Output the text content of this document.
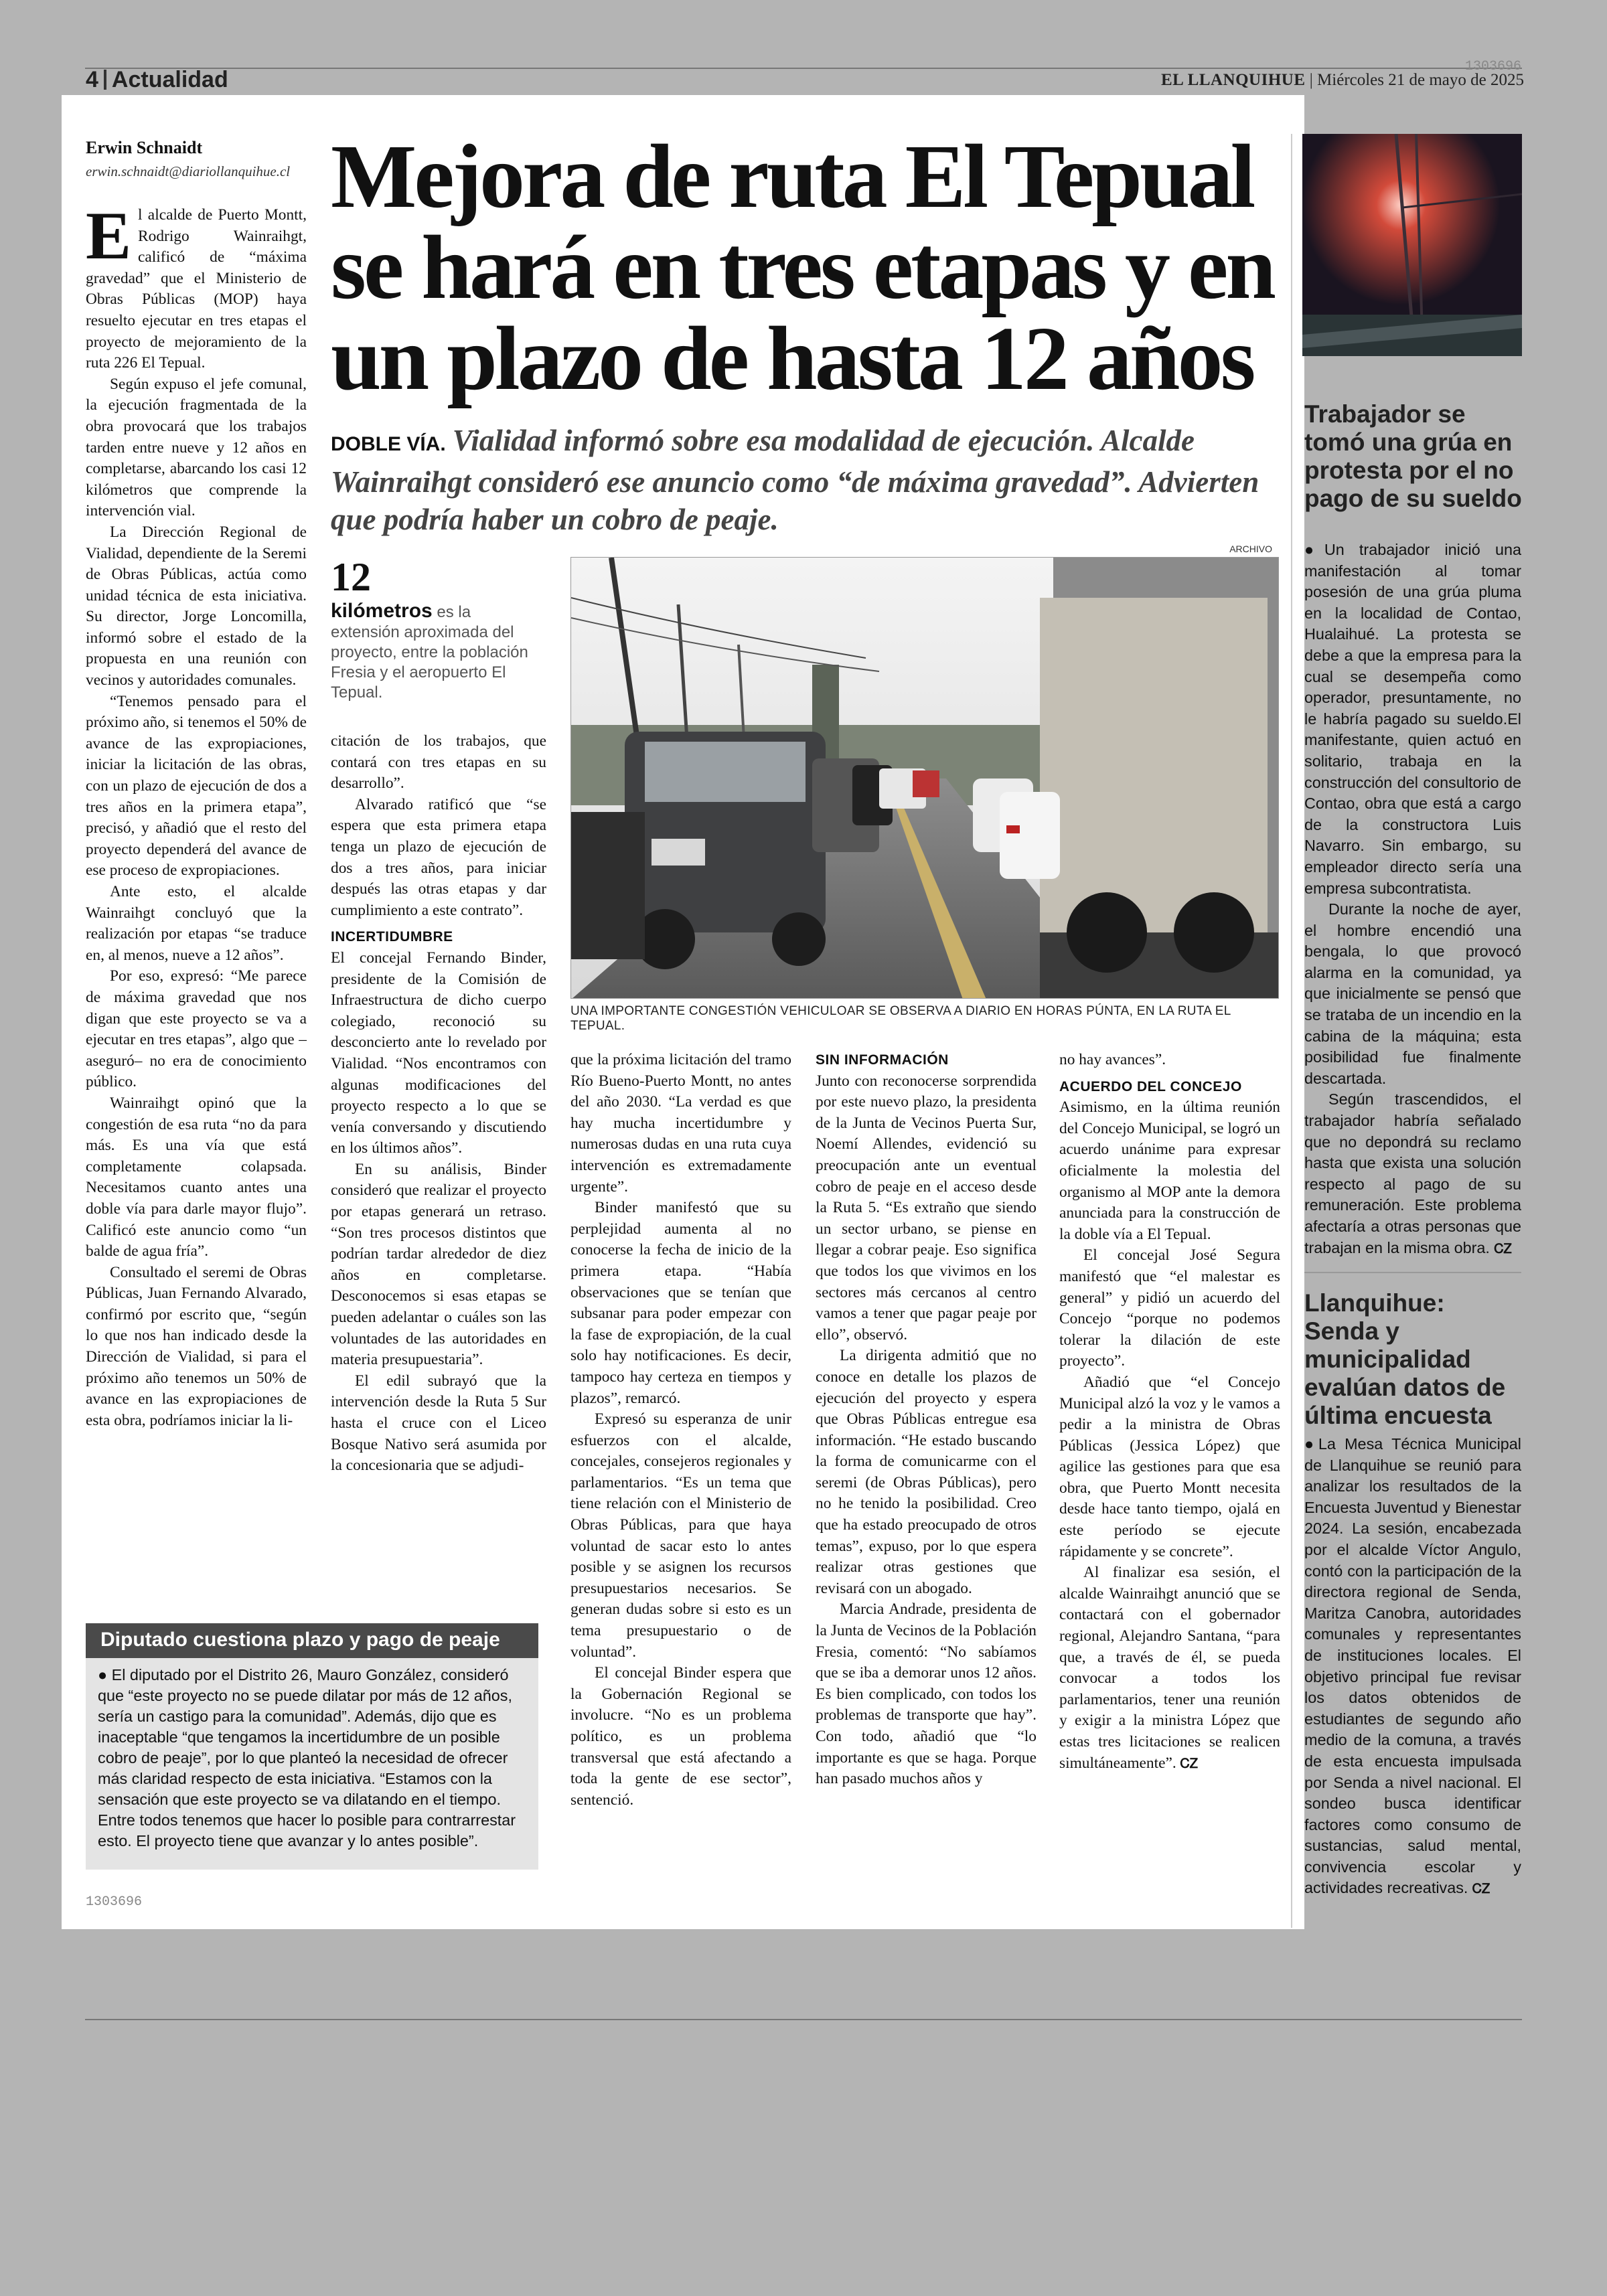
1303696
4 Actualidad	EL LLANQUIHUE | Miércoles 21 de mayo de 2025
Erwin Schnaidt
erwin.schnaidt@diariollanquihue.cl Mejora de ruta El Tepual se hará en tres etapas y en un plazo de hasta 12 años
DOBLE VÍA. Vialidad informó sobre esa modalidad de ejecución. Alcalde Wainraihgt consideró ese anuncio como “de máxima gravedad”. Advierten que podría haber un cobro de peaje.
E l alcalde de Puerto Montt, Rodrigo Wainraihgt, calificó de “máxima gravedad” que el Ministerio de Obras Públicas (MOP) haya resuelto ejecutar en tres etapas el proyecto de mejoramiento de la ruta 226 El Tepual.

Según expuso el jefe comunal, la ejecución fragmentada de la obra provocará que los trabajos tarden entre nueve y 12 años en completarse, abarcando los casi 12 kilómetros que comprende la intervención vial.

La Dirección Regional de Vialidad, dependiente de la Seremi de Obras Públicas, actúa como unidad técnica de esta iniciativa. Su director, Jorge Loncomilla, informó sobre el estado de la propuesta en una reunión con vecinos y autoridades comunales.

“Tenemos pensado para el próximo año, si tenemos el 50% de avance de las expropiaciones, iniciar la licitación de las obras, con un plazo de ejecución de dos a tres años en la primera etapa”, precisó, y añadió que el resto del proyecto dependerá del avance de ese proceso de expropiaciones.

Ante esto, el alcalde Wainraihgt concluyó que la realización por etapas “se traduce en, al menos, nueve a 12 años”.

Por eso, expresó: “Me parece de máxima gravedad que nos digan que este proyecto se va a ejecutar en tres etapas”, algo que –aseguró– no era de conocimiento público.

Wainraihgt opinó que la congestión de esa ruta “no da para más. Es una vía que está completamente colapsada. Necesitamos cuanto antes una doble vía para darle mayor flujo”. Calificó este anuncio como “un balde de agua fría”.

Consultado el seremi de Obras Públicas, Juan Fernando Alvarado, confirmó por escrito que, “según lo que nos han indicado desde la Dirección de Vialidad, si para el próximo año tenemos un 50% de avance en las expropiaciones de esta obra, podríamos iniciar la li-

12
kilómetros es la extensión aproximada del proyecto, entre la población Fresia y el aeropuerto El Tepual.
ARCHIVO
UNA IMPORTANTE CONGESTIÓN VEHICULOAR SE OBSERVA A DIARIO EN HORAS PÚNTA, EN LA RUTA EL TEPUAL.

citación de los trabajos, que contará con tres etapas en su desarrollo”.

Alvarado ratificó que “se espera que esta primera etapa tenga un plazo de ejecución de dos a tres años, para iniciar después las otras etapas y dar cumplimiento a este contrato”.

INCERTIDUMBRE

El concejal Fernando Binder, presidente de la Comisión de Infraestructura de dicho cuerpo colegiado, reconoció su desconcierto ante lo revelado por Vialidad. “Nos encontramos con algunas modificaciones del proyecto respecto a lo que se venía conversando y discutiendo en los últimos años”.

En su análisis, Binder consideró que realizar el proyecto por etapas generará un retraso. “Son tres procesos distintos que podrían tardar alrededor de diez años en completarse. Desconocemos si esas etapas se pueden adelantar o cuáles son las voluntades de las autoridades en materia presupuestaria”.

El edil subrayó que la intervención desde la Ruta 5 Sur hasta el cruce con el Liceo Bosque Nativo será asumida por la concesionaria que se adjudi-

que la próxima licitación del tramo Río Bueno-Puerto Montt, no antes del año 2030. “La verdad es que hay mucha incertidumbre y numerosas dudas en una ruta cuya intervención es extremadamente urgente”.

Binder manifestó que su perplejidad aumenta al no conocerse la fecha de inicio de la primera etapa. “Había observaciones que se tenían que subsanar para poder empezar con la fase de expropiación, de la cual solo hay notificaciones. Es decir, tampoco hay certeza en tiempos y plazos”, remarcó.

Expresó su esperanza de unir esfuerzos con el alcalde, concejales, consejeros regionales y parlamentarios. “Es un tema que tiene relación con el Ministerio de Obras Públicas, para que haya voluntad de sacar esto lo antes posible y se asignen los recursos presupuestarios necesarios. Se generan dudas sobre si esto es un tema presupuestario o de voluntad”.

El concejal Binder espera que la Gobernación Regional se involucre. “No es un problema político, es un problema transversal que está afectando a toda la gente de ese sector”, sentenció.

SIN INFORMACIÓN

Junto con reconocerse sorprendida por este nuevo plazo, la presidenta de la Junta de Vecinos Puerta Sur, Noemí Allendes, evidenció su preocupación ante un eventual cobro de peaje en el acceso desde la Ruta 5. “Es extraño que siendo un sector urbano, se piense en llegar a cobrar peaje. Eso significa que todos los que vivimos en los sectores más cercanos al centro vamos a tener que pagar peaje por ello”, observó.

La dirigenta admitió que no conoce en detalle los plazos de ejecución del proyecto y espera que Obras Públicas entregue esa información. “He estado buscando la forma de comunicarme con el seremi (de Obras Públicas), pero no he tenido la posibilidad. Creo que ha estado preocupado de otros temas”, expuso, por lo que espera realizar otras gestiones que revisará con un abogado.

Marcia Andrade, presidenta de la Junta de Vecinos de la Población Fresia, comentó: “No sabíamos que se iba a demorar unos 12 años. Es bien complicado, con todos los problemas de transporte que hay”. Con todo, añadió que “lo importante es que se haga. Porque han pasado muchos años y

no hay avances”.

ACUERDO DEL CONCEJO

Asimismo, en la última reunión del Concejo Municipal, se logró un acuerdo unánime para expresar oficialmente la molestia del organismo al MOP ante la demora anunciada para la construcción de la doble vía a El Tepual.

El concejal José Segura manifestó que “el malestar es general” y pidió un acuerdo del Concejo “porque no podemos tolerar la dilación de este proyecto”.

Añadió que “el Concejo Municipal alzó la voz y le vamos a pedir a la ministra de Obras Públicas (Jessica López) que agilice las gestiones para que esa obra, que Puerto Montt necesita desde hace tanto tiempo, ojalá en este período se ejecute rápidamente y se concrete”.

Al finalizar esa sesión, el alcalde Wainraihgt anunció que se contactará con el gobernador regional, Alejandro Santana, “para que, a través de él, se pueda convocar a todos los parlamentarios, tener una reunión y exigir a la ministra López que estas tres licitaciones se realicen simultáneamente”. ᏟᏃ

Diputado cuestiona plazo y pago de peaje
● El diputado por el Distrito 26, Mauro González, consideró que “este proyecto no se puede dilatar por más de 12 años, sería un castigo para la comunidad”. Además, dijo que es inaceptable “que tengamos la incertidumbre de un posible cobro de peaje”, por lo que planteó la necesidad de ofrecer más claridad respecto de esta iniciativa. “Estamos con la sensación que este proyecto se va dilatando en el tiempo. Entre todos tenemos que hacer lo posible para contrarrestar esto. El proyecto tiene que avanzar y lo antes posible”.
1303696
Trabajador se tomó una grúa en protesta por el no pago de su sueldo

●Un trabajador inició una manifestación al tomar posesión de una grúa pluma en la localidad de Contao, Hualaihué. La protesta se debe a que la empresa para la cual se desempeña como operador, presuntamente, no le habría pagado su sueldo.El manifestante, quien actuó en solitario, trabaja en la construcción del consultorio de Contao, obra que está a cargo de la constructora Luis Navarro. Sin embargo, su empleador directo sería una empresa subcontratista.

Durante la noche de ayer, el hombre encendió una bengala, lo que provocó alarma en la comunidad, ya que inicialmente se pensó que se trataba de un incendio en la cabina de la máquina; esta posibilidad fue finalmente descartada.

Según trascendidos, el trabajador habría señalado que no depondrá su reclamo hasta que exista una solución respecto al pago de su remuneración. Este problema afectaría a otras personas que trabajan en la misma obra. ᏟᏃ

Llanquihue: Senda y municipalidad evalúan datos de última encuesta

●La Mesa Técnica Municipal de Llanquihue se reunió para analizar los resultados de la Encuesta Juventud y Bienestar 2024. La sesión, encabezada por el alcalde Víctor Angulo, contó con la participación de la directora regional de Senda, Maritza Canobra, autoridades comunales y representantes de instituciones locales. El objetivo principal fue revisar los datos obtenidos de estudiantes de segundo año medio de la comuna, a través de esta encuesta impulsada por Senda a nivel nacional. El sondeo busca identificar factores como consumo de sustancias, salud mental, convivencia escolar y actividades recreativas. ᏟᏃ
